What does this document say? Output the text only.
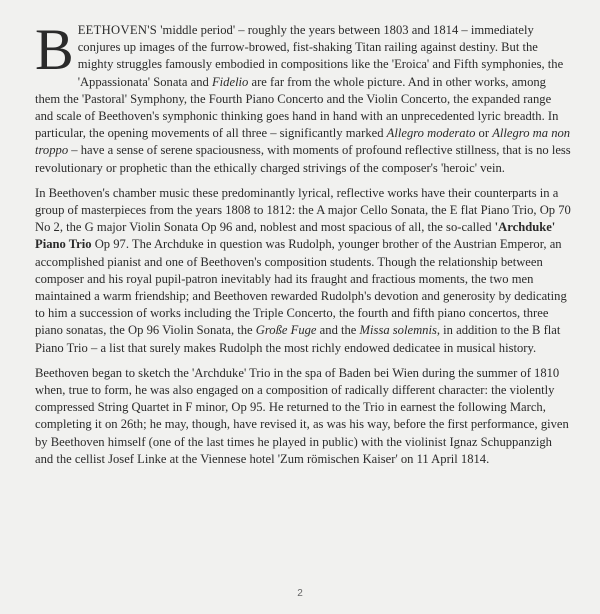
BEETHOVEN'S 'middle period' – roughly the years between 1803 and 1814 – immediately conjures up images of the furrow-browed, fist-shaking Titan railing against destiny. But the mighty struggles famously embodied in compositions like the 'Eroica' and Fifth symphonies, the 'Appassionata' Sonata and Fidelio are far from the whole picture. And in other works, among them the 'Pastoral' Symphony, the Fourth Piano Concerto and the Violin Concerto, the expanded range and scale of Beethoven's symphonic thinking goes hand in hand with an unprecedented lyric breadth. In particular, the opening movements of all three – significantly marked Allegro moderato or Allegro ma non troppo – have a sense of serene spaciousness, with moments of profound reflective stillness, that is no less revolutionary or prophetic than the ethically charged strivings of the composer's 'heroic' vein.

In Beethoven's chamber music these predominantly lyrical, reflective works have their counterparts in a group of masterpieces from the years 1808 to 1812: the A major Cello Sonata, the E flat Piano Trio, Op 70 No 2, the G major Violin Sonata Op 96 and, noblest and most spacious of all, the so-called 'Archduke' Piano Trio Op 97. The Archduke in question was Rudolph, younger brother of the Austrian Emperor, an accomplished pianist and one of Beethoven's composition students. Though the relationship between composer and his royal pupil-patron inevitably had its fraught and fractious moments, the two men maintained a warm friendship; and Beethoven rewarded Rudolph's devotion and generosity by dedicating to him a succession of works including the Triple Concerto, the fourth and fifth piano concertos, three piano sonatas, the Op 96 Violin Sonata, the Große Fuge and the Missa solemnis, in addition to the B flat Piano Trio – a list that surely makes Rudolph the most richly endowed dedicatee in musical history.

Beethoven began to sketch the 'Archduke' Trio in the spa of Baden bei Wien during the summer of 1810 when, true to form, he was also engaged on a composition of radically different character: the violently compressed String Quartet in F minor, Op 95. He returned to the Trio in earnest the following March, completing it on 26th; he may, though, have revised it, as was his way, before the first performance, given by Beethoven himself (one of the last times he played in public) with the violinist Ignaz Schuppanzigh and the cellist Josef Linke at the Viennese hotel 'Zum römischen Kaiser' on 11 April 1814.

2
